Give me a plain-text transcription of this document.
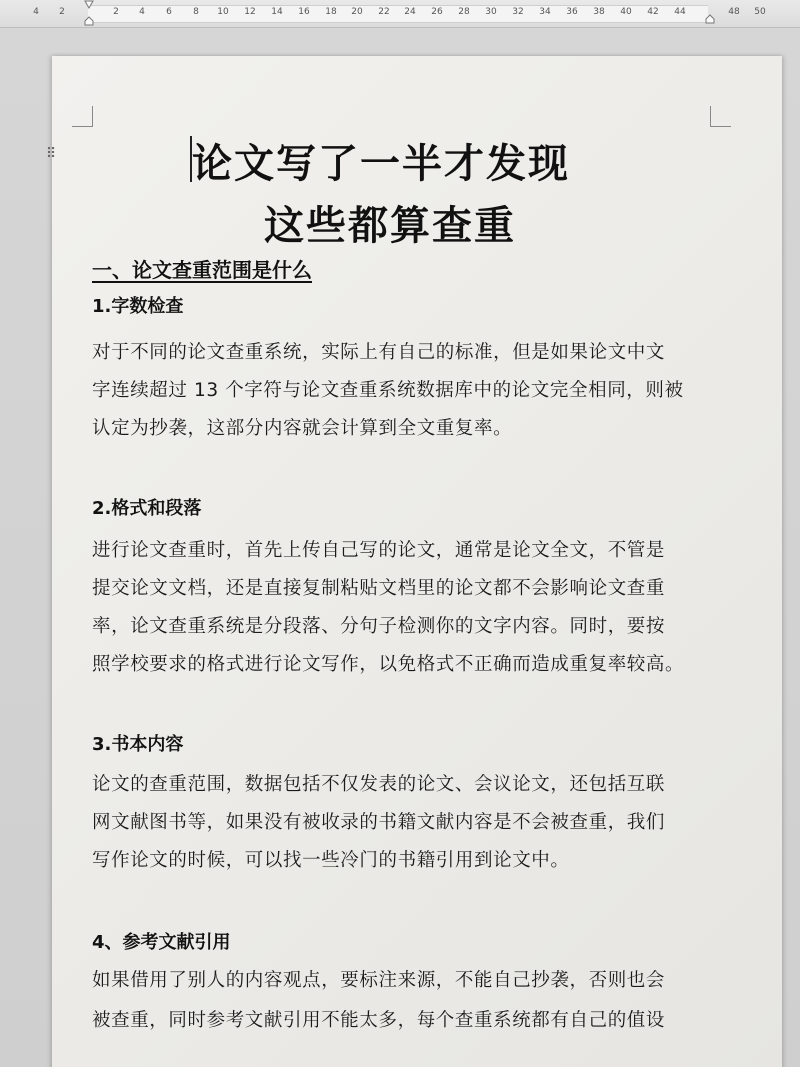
4 2	2 4 6 8 10 12 14 16 18 20 22 24 26 28 30 32 34 36 38 40 42 44	48 50
⠿	论文写了一半才发现
这些都算查重
一、论文查重范围是什么
1.字数检查
对于不同的论文查重系统，实际上有自己的标准，但是如果论文中文
字连续超过 13 个字符与论文查重系统数据库中的论文完全相同，则被
认定为抄袭，这部分内容就会计算到全文重复率。
2.格式和段落
进行论文查重时，首先上传自己写的论文，通常是论文全文，不管是
提交论文文档，还是直接复制粘贴文档里的论文都不会影响论文查重
率，论文查重系统是分段落、分句子检测你的文字内容。同时，要按
照学校要求的格式进行论文写作，以免格式不正确而造成重复率较高。
3.书本内容
论文的查重范围，数据包括不仅发表的论文、会议论文，还包括互联
网文献图书等，如果没有被收录的书籍文献内容是不会被查重，我们
写作论文的时候，可以找一些冷门的书籍引用到论文中。
4、参考文献引用
如果借用了别人的内容观点，要标注来源，不能自己抄袭，否则也会
被查重，同时参考文献引用不能太多，每个查重系统都有自己的值设
